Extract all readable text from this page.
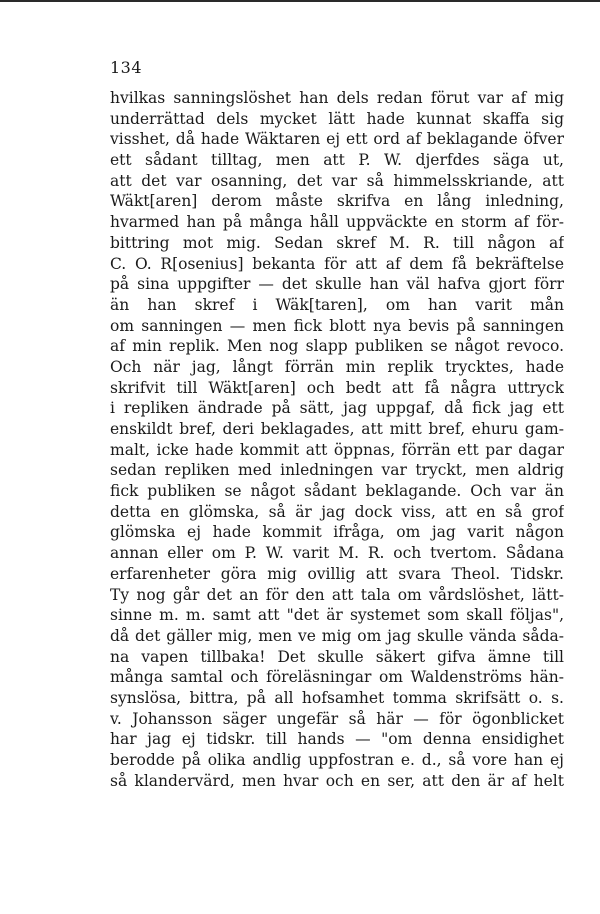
134
hvilkas sanningslöshet han dels redan förut var af mig
underrättad dels mycket lätt hade kunnat skaffa sig
visshet, då hade Wäktaren ej ett ord af beklagande öfver
ett sådant tilltag, men att P. W. djerfdes säga ut,
att det var osanning, det var så himmelsskriande, att
Wäkt[aren] derom måste skrifva en lång inledning,
hvarmed han på många håll uppväckte en storm af för-
bittring mot mig. Sedan skref M. R. till någon af
C. O. R[osenius] bekanta för att af dem få bekräftelse
på sina uppgifter — det skulle han väl hafva gjort förr
än han skref i Wäk[taren], om han varit mån
om sanningen — men fick blott nya bevis på sanningen
af min replik. Men nog slapp publiken se något revoco.
Och när jag, långt förrän min replik trycktes, hade
skrifvit till Wäkt[aren] och bedt att få några uttryck
i repliken ändrade på sätt, jag uppgaf, då fick jag ett
enskildt bref, deri beklagades, att mitt bref, ehuru gam-
malt, icke hade kommit att öppnas, förrän ett par dagar
sedan repliken med inledningen var tryckt, men aldrig
fick publiken se något sådant beklagande. Och var än
detta en glömska, så är jag dock viss, att en så grof
glömska ej hade kommit ifråga, om jag varit någon
annan eller om P. W. varit M. R. och tvertom. Sådana
erfarenheter göra mig ovillig att svara Theol. Tidskr.
Ty nog går det an för den att tala om vårdslöshet, lätt-
sinne m. m. samt att "det är systemet som skall följas",
då det gäller mig, men ve mig om jag skulle vända såda-
na vapen tillbaka! Det skulle säkert gifva ämne till
många samtal och föreläsningar om Waldenströms hän-
synslösa, bittra, på all hofsamhet tomma skrifsätt o. s.
v. Johansson säger ungefär så här — för ögonblicket
har jag ej tidskr. till hands — "om denna ensidighet
berodde på olika andlig uppfostran e. d., så vore han ej
så klandervärd, men hvar och en ser, att den är af helt
